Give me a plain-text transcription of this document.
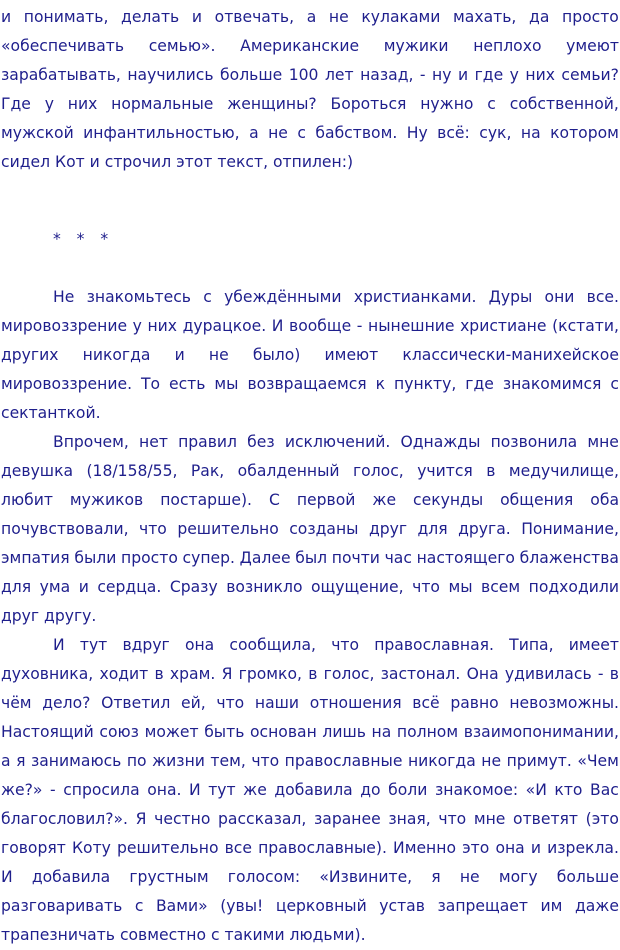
и понимать, делать и отвечать, а не кулаками махать, да просто
«обеспечивать семью». Американские мужики неплохо умеют
зарабатывать, научились больше 100 лет назад, - ну и где у них семьи?
Где у них нормальные женщины? Бороться нужно с собственной,
мужской инфантильностью, а не с бабством. Ну всё: сук, на котором
сидел Кот и строчил этот текст, отпилен:)
* * *
Не знакомьтесь с убеждёнными христианками. Дуры они все.
мировоззрение у них дурацкое. И вообще - нынешние христиане (кстати,
других никогда и не было) имеют классически-манихейское
мировоззрение. То есть мы возвращаемся к пункту, где знакомимся с
сектанткой.
Впрочем, нет правил без исключений. Однажды позвонила мне
девушка (18/158/55, Рак, обалденный голос, учится в медучилище,
любит мужиков постарше). С первой же секунды общения оба
почувствовали, что решительно созданы друг для друга. Понимание,
эмпатия были просто супер. Далее был почти час настоящего блаженства
для ума и сердца. Сразу возникло ощущение, что мы всем подходили
друг другу.
И тут вдруг она сообщила, что православная. Типа, имеет
духовника, ходит в храм. Я громко, в голос, застонал. Она удивилась - в
чём дело? Ответил ей, что наши отношения всё равно невозможны.
Настоящий союз может быть основан лишь на полном взаимопонимании,
а я занимаюсь по жизни тем, что православные никогда не примут. «Чем
же?» - спросила она. И тут же добавила до боли знакомое: «И кто Вас
благословил?». Я честно рассказал, заранее зная, что мне ответят (это
говорят Коту решительно все православные). Именно это она и изрекла.
И добавила грустным голосом: «Извините, я не могу больше
разговаривать с Вами» (увы! церковный устав запрещает им даже
трапезничать совместно с такими людьми).
